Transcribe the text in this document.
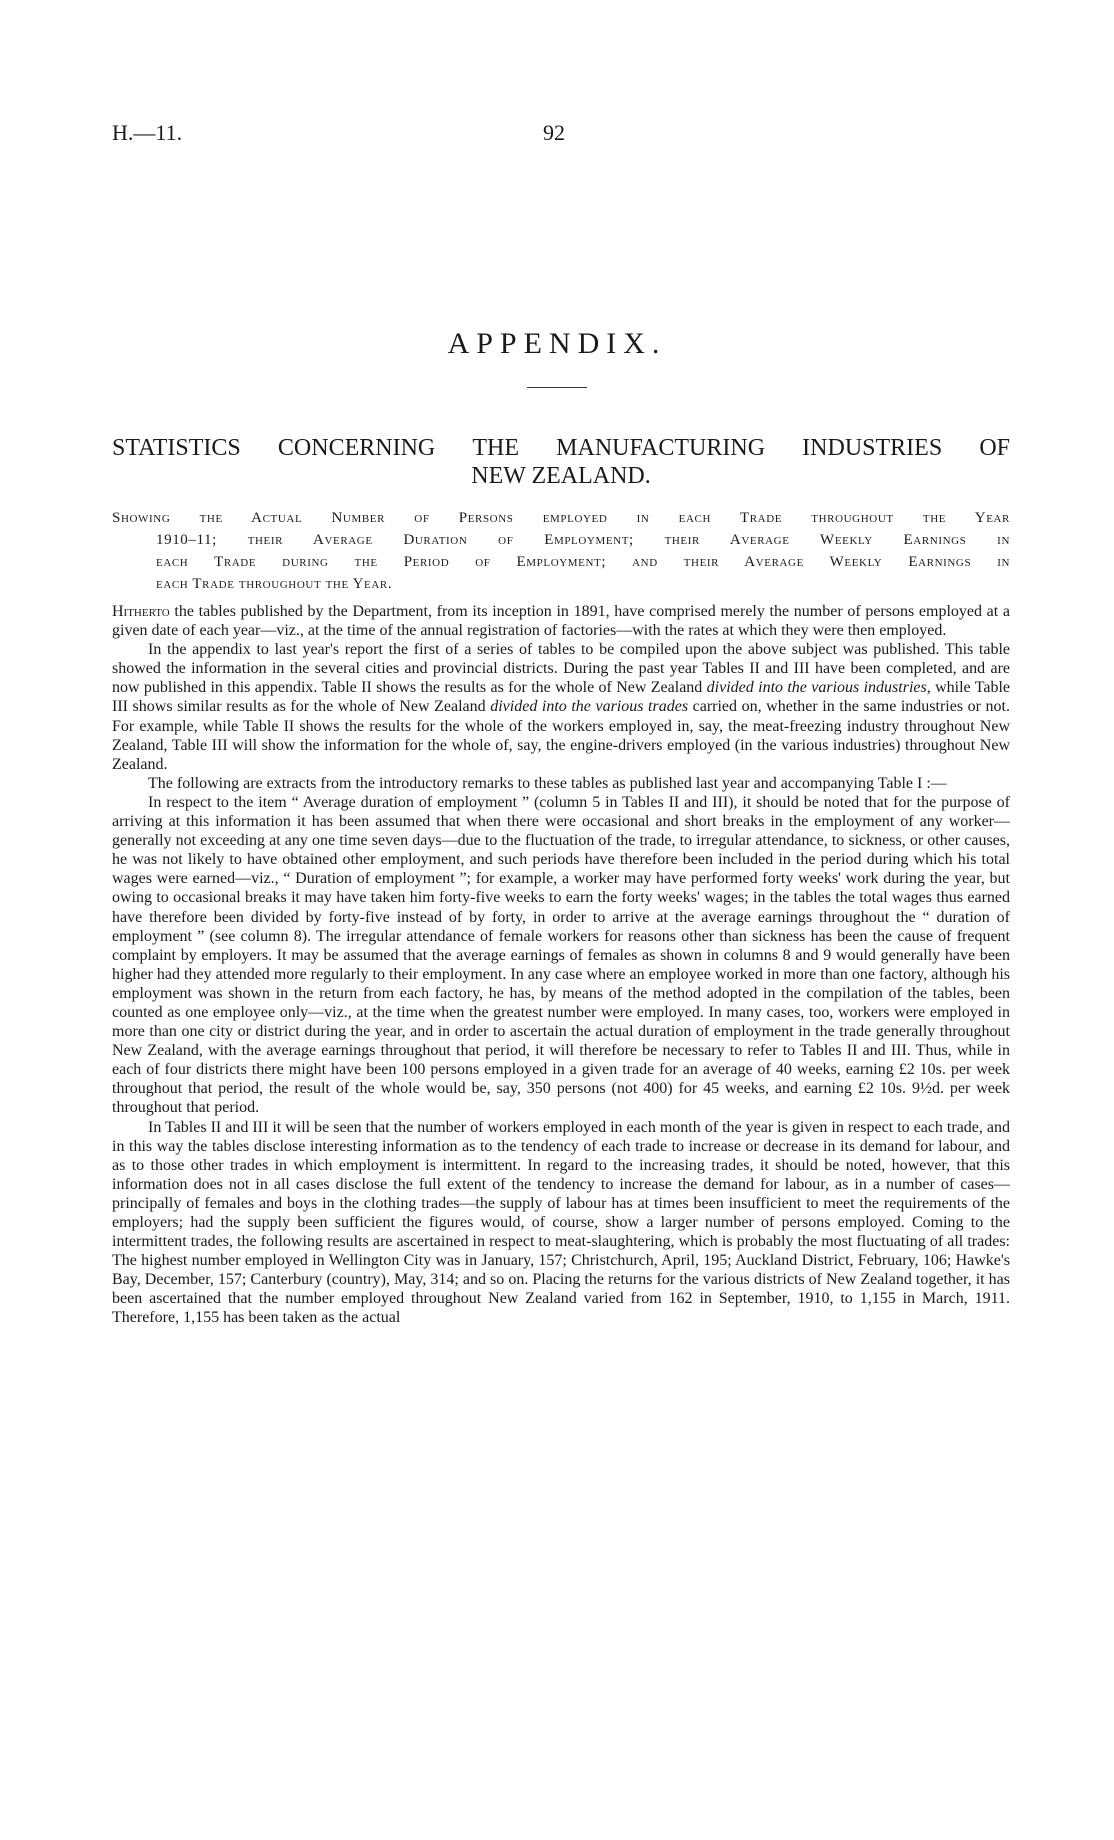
H.—11.	92
APPENDIX.
STATISTICS CONCERNING THE MANUFACTURING INDUSTRIES OF
NEW ZEALAND.
Showing the Actual Number of Persons employed in each Trade throughout the Year
1910–11; their Average Duration of Employment; their Average Weekly Earnings in
each Trade during the Period of Employment; and their Average Weekly Earnings in
each Trade throughout the Year.

Hitherto the tables published by the Department, from its inception in 1891, have comprised merely the number of persons employed at a given date of each year—viz., at the time of the annual registration of factories—with the rates at which they were then employed.

In the appendix to last year's report the first of a series of tables to be compiled upon the above subject was published. This table showed the information in the several cities and provincial districts. During the past year Tables II and III have been completed, and are now published in this appendix. Table II shows the results as for the whole of New Zealand divided into the various industries, while Table III shows similar results as for the whole of New Zealand divided into the various trades carried on, whether in the same industries or not. For example, while Table II shows the results for the whole of the workers employed in, say, the meat-freezing industry throughout New Zealand, Table III will show the information for the whole of, say, the engine-drivers employed (in the various industries) throughout New Zealand.

The following are extracts from the introductory remarks to these tables as published last year and accompanying Table I :—

In respect to the item “ Average duration of employment ” (column 5 in Tables II and III), it should be noted that for the purpose of arriving at this information it has been assumed that when there were occasional and short breaks in the employment of any worker—generally not exceeding at any one time seven days—due to the fluctuation of the trade, to irregular attendance, to sickness, or other causes, he was not likely to have obtained other employment, and such periods have therefore been included in the period during which his total wages were earned—viz., “ Duration of employment ”; for example, a worker may have performed forty weeks' work during the year, but owing to occasional breaks it may have taken him forty-five weeks to earn the forty weeks' wages; in the tables the total wages thus earned have therefore been divided by forty-five instead of by forty, in order to arrive at the average earnings throughout the “ duration of employment ” (see column 8). The irregular attendance of female workers for reasons other than sickness has been the cause of frequent complaint by employers. It may be assumed that the average earnings of females as shown in columns 8 and 9 would generally have been higher had they attended more regularly to their employment. In any case where an employee worked in more than one factory, although his employment was shown in the return from each factory, he has, by means of the method adopted in the compilation of the tables, been counted as one employee only—viz., at the time when the greatest number were employed. In many cases, too, workers were employed in more than one city or district during the year, and in order to ascertain the actual duration of employment in the trade generally throughout New Zealand, with the average earnings throughout that period, it will therefore be necessary to refer to Tables II and III. Thus, while in each of four districts there might have been 100 persons employed in a given trade for an average of 40 weeks, earning £2 10s. per week throughout that period, the result of the whole would be, say, 350 persons (not 400) for 45 weeks, and earning £2 10s. 9½d. per week throughout that period.

In Tables II and III it will be seen that the number of workers employed in each month of the year is given in respect to each trade, and in this way the tables disclose interesting information as to the tendency of each trade to increase or decrease in its demand for labour, and as to those other trades in which employment is intermittent. In regard to the increasing trades, it should be noted, however, that this information does not in all cases disclose the full extent of the tendency to increase the demand for labour, as in a number of cases—principally of females and boys in the clothing trades—the supply of labour has at times been insufficient to meet the requirements of the employers; had the supply been sufficient the figures would, of course, show a larger number of persons employed. Coming to the intermittent trades, the following results are ascertained in respect to meat-slaughtering, which is probably the most fluctuating of all trades: The highest number employed in Wellington City was in January, 157; Christchurch, April, 195; Auckland District, February, 106; Hawke's Bay, December, 157; Canterbury (country), May, 314; and so on. Placing the returns for the various districts of New Zealand together, it has been ascertained that the number employed throughout New Zealand varied from 162 in September, 1910, to 1,155 in March, 1911. Therefore, 1,155 has been taken as the actual
